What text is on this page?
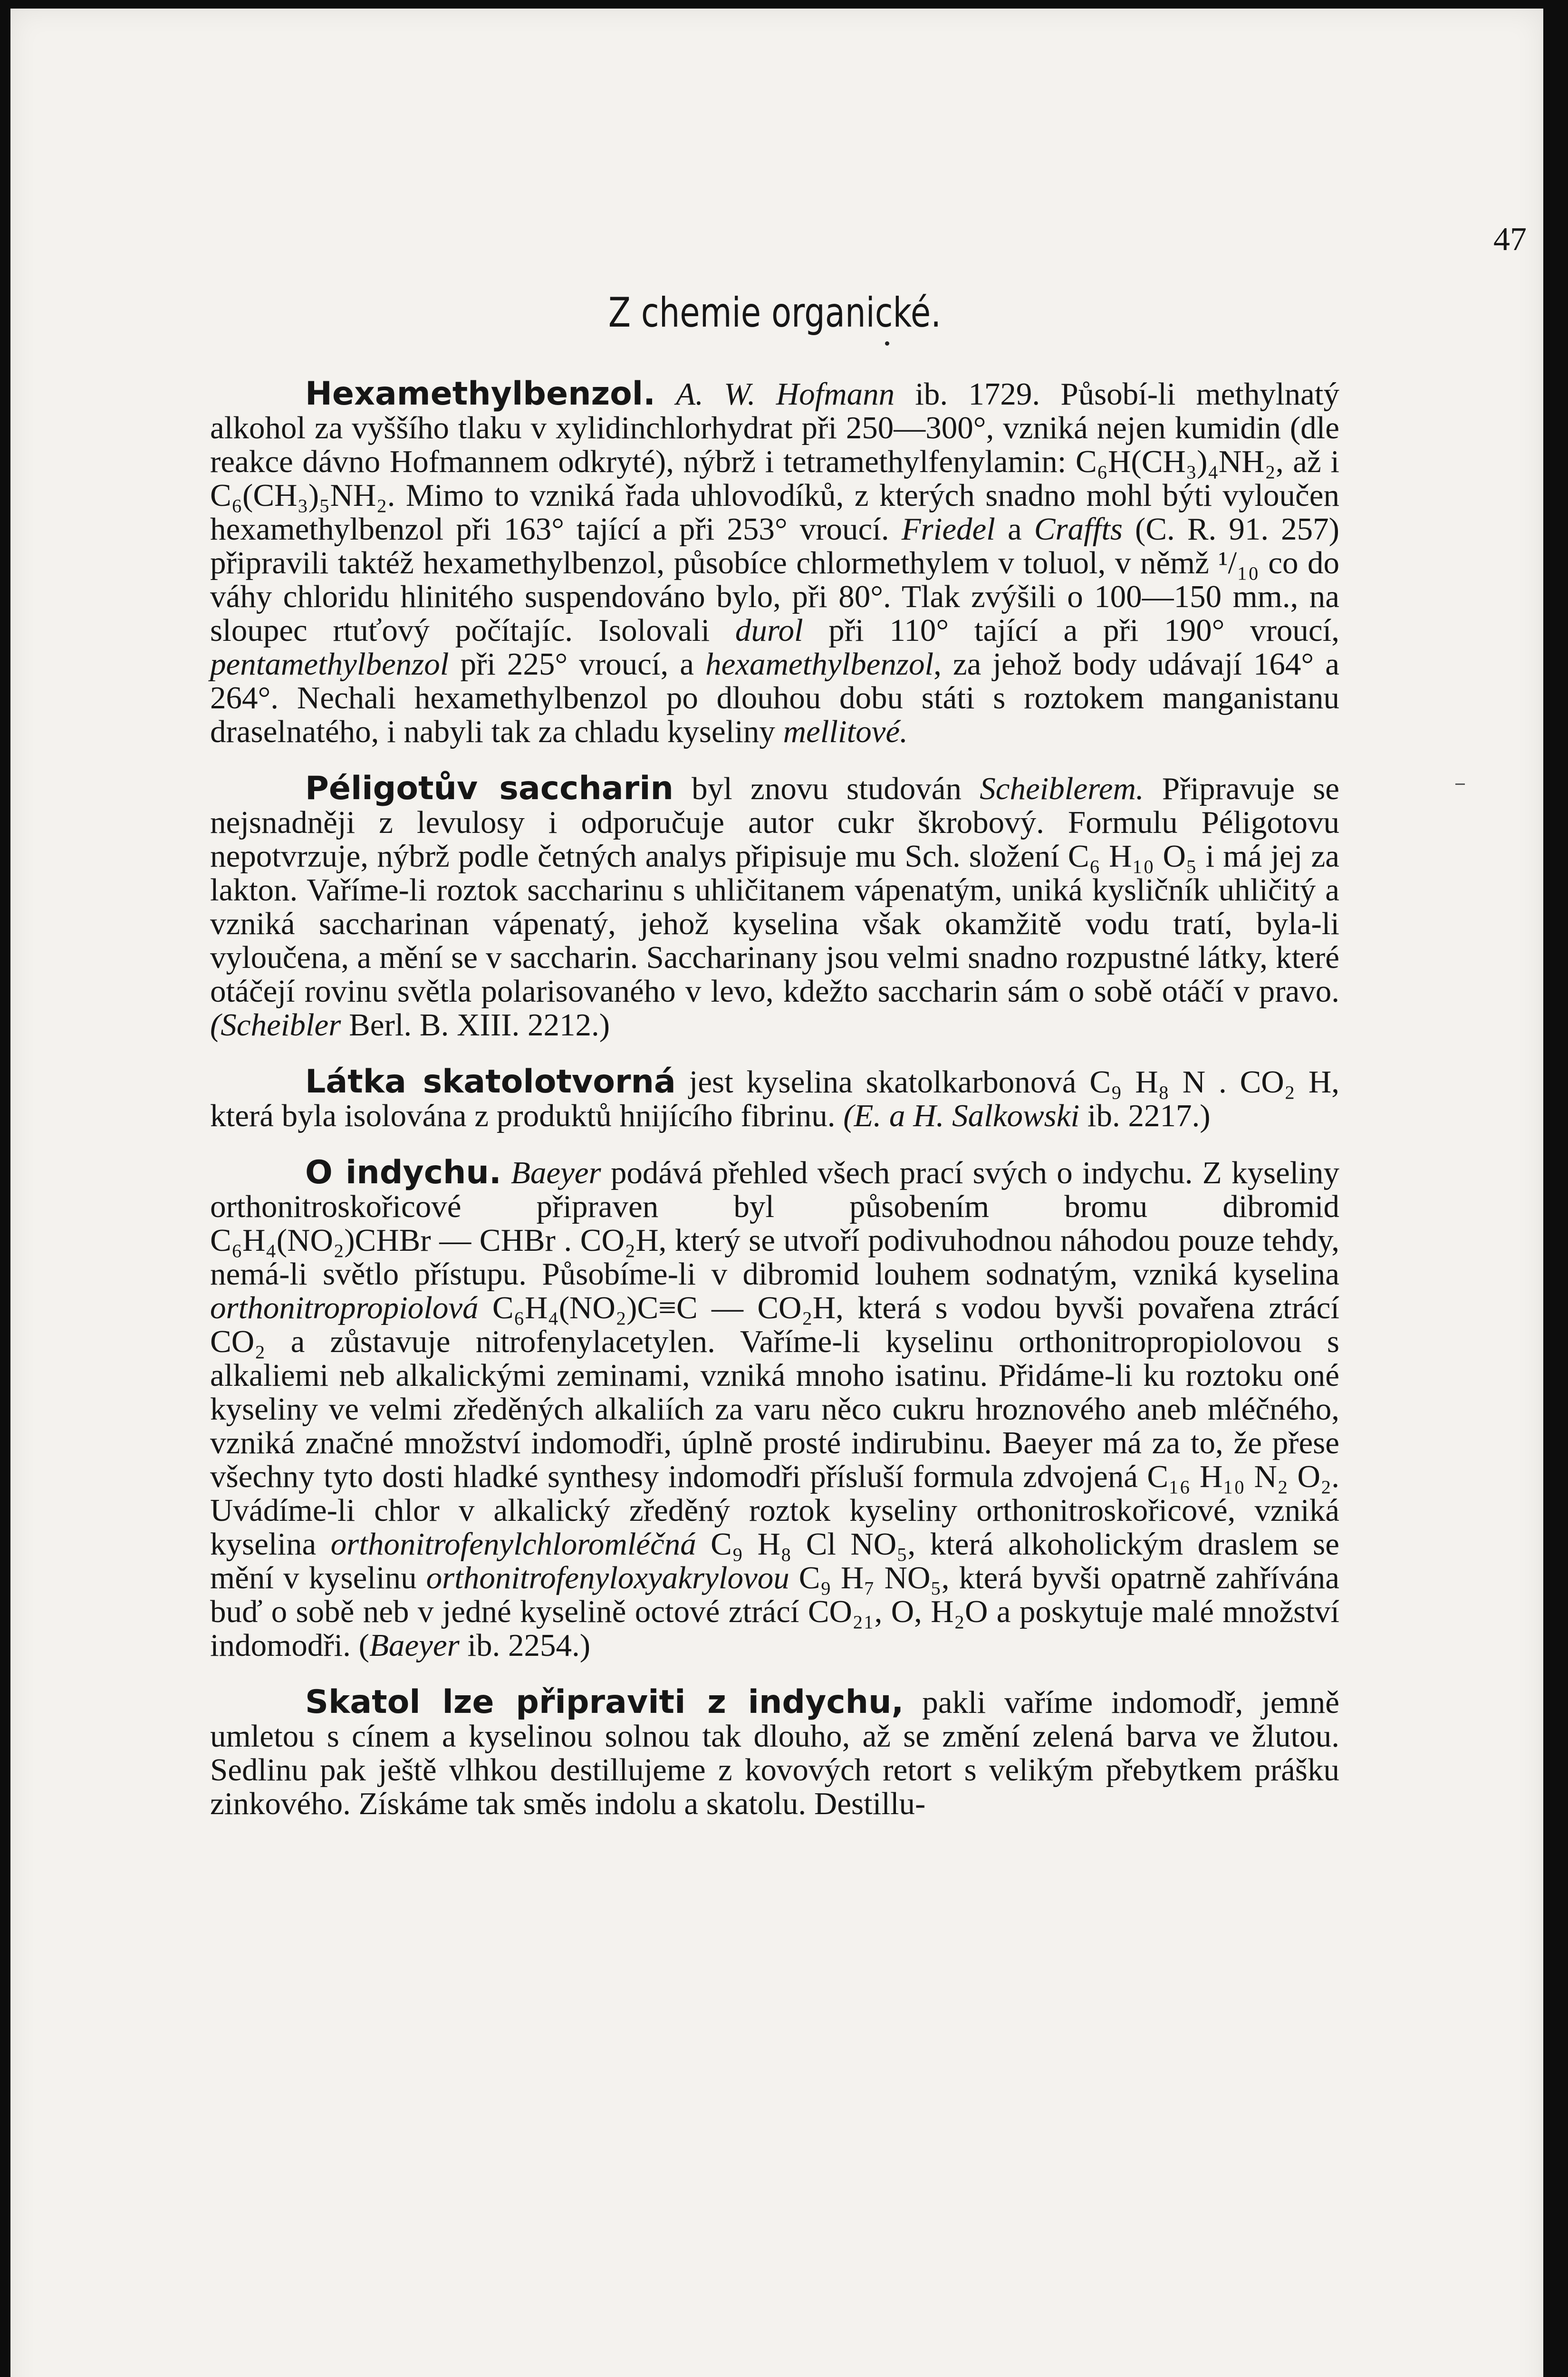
47

Z chemie organické.

Hexamethylbenzol. A. W. Hofmann ib. 1729. Působí-li methylnatý alkohol za vyššího tlaku v xylidinchlorhydrat při 250—300°, vzniká nejen kumidin (dle reakce dávno Hofmannem odkryté), nýbrž i tetramethylfenylamin: C₆H(CH₃)₄NH₂, až i C₆(CH₃)₅NH₂. Mimo to vzniká řada uhlovodíků, z kterých snadno mohl býti vyloučen hexamethylbenzol při 163° tající a při 253° vroucí. Friedel a Craffts (C. R. 91. 257) připravili taktéž hexamethylbenzol, působíce chlormethylem v toluol, v němž ¹/₁₀ co do váhy chloridu hlinitého suspendováno bylo, při 80°. Tlak zvýšili o 100—150 mm., na sloupec rtuťový počítajíc. Isolovali durol při 110° tající a při 190° vroucí, pentamethylbenzol při 225° vroucí, a hexamethylbenzol, za jehož body udávají 164° a 264°. Nechali hexamethylbenzol po dlouhou dobu státi s roztokem manganistanu draselnatého, i nabyli tak za chladu kyseliny mellitové.

Péligotův saccharin byl znovu studován Scheiblerem. Připravuje se nejsnadněji z levulosy i odporučuje autor cukr škrobový. Formulu Péligotovu nepotvrzuje, nýbrž podle četných analys připisuje mu Sch. složení C₆ H₁₀ O₅ i má jej za lakton. Vaříme-li roztok saccharinu s uhličitanem vápenatým, uniká kysličník uhličitý a vzniká saccharinan vápenatý, jehož kyselina však okamžitě vodu tratí, byla-li vyloučena, a mění se v saccharin. Saccharinany jsou velmi snadno rozpustné látky, které otáčejí rovinu světla polarisovaného v levo, kdežto saccharin sám o sobě otáčí v pravo. (Scheibler Berl. B. XIII. 2212.)

Látka skatolotvorná jest kyselina skatolkarbonová C₉ H₈ N . CO₂ H, která byla isolována z produktů hnijícího fibrinu. (E. a H. Salkowski ib. 2217.)

O indychu. Baeyer podává přehled všech prací svých o indychu. Z kyseliny orthonitroskořicové připraven byl působením bromu dibromid C₆H₄(NO₂)CHBr — CHBr . CO₂H, který se utvoří podivuhodnou náhodou pouze tehdy, nemá-li světlo přístupu. Působíme-li v dibromid louhem sodnatým, vzniká kyselina orthonitropropiolová C₆H₄(NO₂)C≡C — CO₂H, která s vodou byvši povařena ztrácí CO₂ a zůstavuje nitrofenylacetylen. Vaříme-li kyselinu orthonitropropiolovou s alkaliemi neb alkalickými zeminami, vzniká mnoho isatinu. Přidáme-li ku roztoku oné kyseliny ve velmi zředěných alkaliích za varu něco cukru hroznového aneb mléčného, vzniká značné množství indomodři, úplně prosté indirubinu. Baeyer má za to, že přese všechny tyto dosti hladké synthesy indomodři přísluší formula zdvojená C₁₆ H₁₀ N₂ O₂. Uvádíme-li chlor v alkalický zředěný roztok kyseliny orthonitroskořicové, vzniká kyselina orthonitrofenylchloromléčná C₉ H₈ Cl NO₅, která alkoholickým draslem se mění v kyselinu orthonitrofenyloxyakrylovou C₉ H₇ NO₅, která byvši opatrně zahřívána buď o sobě neb v jedné kyselině octové ztrácí CO₂₁, O, H₂O a poskytuje malé množství indomodři. (Baeyer ib. 2254.)

Skatol lze připraviti z indychu, pakli vaříme indomodř, jemně umletou s cínem a kyselinou solnou tak dlouho, až se změní zelená barva ve žlutou. Sedlinu pak ještě vlhkou destillujeme z kovových retort s velikým přebytkem prášku zinkového. Získáme tak směs indolu a skatolu. Destillu-
